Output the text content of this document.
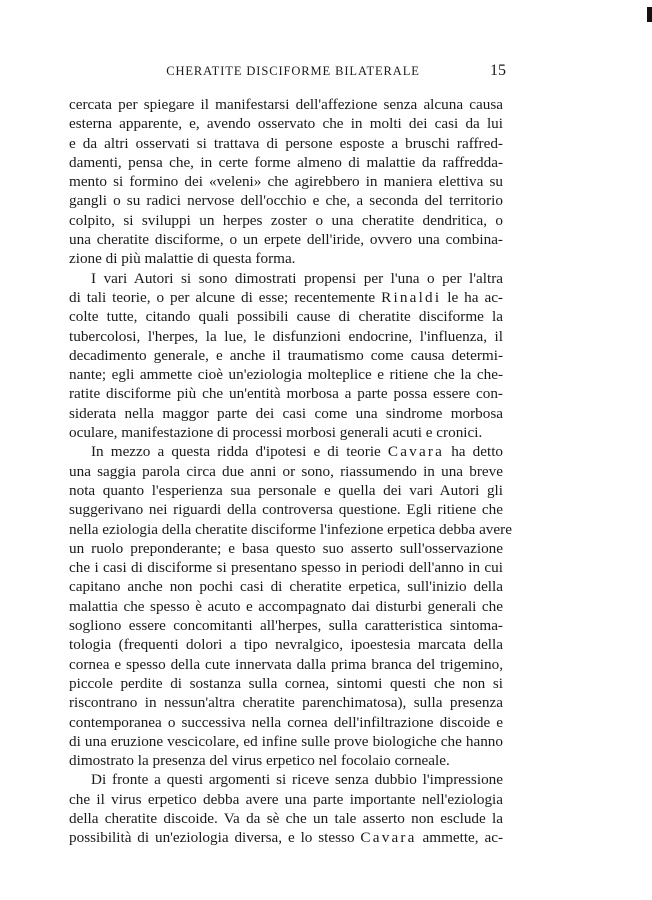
CHERATITE DISCIFORME BILATERALE	15
cercata per spiegare il manifestarsi dell'affezione senza alcuna causa
esterna apparente, e, avendo osservato che in molti dei casi da lui
e da altri osservati si trattava di persone esposte a bruschi raffred-
damenti, pensa che, in certe forme almeno di malattie da raffredda-
mento si formino dei «veleni» che agirebbero in maniera elettiva su
gangli o su radici nervose dell'occhio e che, a seconda del territorio
colpito, si sviluppi un herpes zoster o una cheratite dendritica, o
una cheratite disciforme, o un erpete dell'iride, ovvero una combina-
zione di più malattie di questa forma.
I vari Autori si sono dimostrati propensi per l'una o per l'altra
di tali teorie, o per alcune di esse; recentemente Rinaldi le ha ac-
colte tutte, citando quali possibili cause di cheratite disciforme la
tubercolosi, l'herpes, la lue, le disfunzioni endocrine, l'influenza, il
decadimento generale, e anche il traumatismo come causa determi-
nante; egli ammette cioè un'eziologia molteplice e ritiene che la che-
ratite disciforme più che un'entità morbosa a parte possa essere con-
siderata nella maggor parte dei casi come una sindrome morbosa
oculare, manifestazione di processi morbosi generali acuti e cronici.
In mezzo a questa ridda d'ipotesi e di teorie Cavara ha detto
una saggia parola circa due anni or sono, riassumendo in una breve
nota quanto l'esperienza sua personale e quella dei vari Autori gli
suggerivano nei riguardi della controversa questione. Egli ritiene che
nella eziologia della cheratite disciforme l'infezione erpetica debba avere
un ruolo preponderante; e basa questo suo asserto sull'osservazione
che i casi di disciforme si presentano spesso in periodi dell'anno in cui
capitano anche non pochi casi di cheratite erpetica, sull'inizio della
malattia che spesso è acuto e accompagnato dai disturbi generali che
sogliono essere concomitanti all'herpes, sulla caratteristica sintoma-
tologia (frequenti dolori a tipo nevralgico, ipoestesia marcata della
cornea e spesso della cute innervata dalla prima branca del trigemino,
piccole perdite di sostanza sulla cornea, sintomi questi che non si
riscontrano in nessun'altra cheratite parenchimatosa), sulla presenza
contemporanea o successiva nella cornea dell'infiltrazione discoide e
di una eruzione vescicolare, ed infine sulle prove biologiche che hanno
dimostrato la presenza del virus erpetico nel focolaio corneale.
Di fronte a questi argomenti si riceve senza dubbio l'impressione
che il virus erpetico debba avere una parte importante nell'eziologia
della cheratite discoide. Va da sè che un tale asserto non esclude la
possibilità di un'eziologia diversa, e lo stesso Cavara ammette, ac-
